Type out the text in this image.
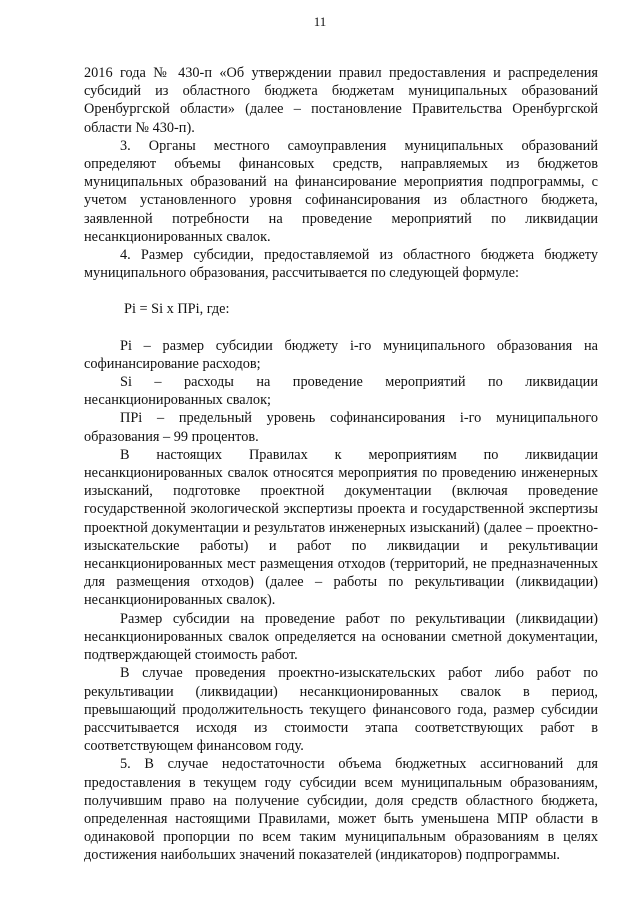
11

2016 года № 430-п «Об утверждении правил предоставления и распределения субсидий из областного бюджета бюджетам муниципальных образований Оренбургской области» (далее – постановление Правительства Оренбургской области № 430-п).

3. Органы местного самоуправления муниципальных образований определяют объемы финансовых средств, направляемых из бюджетов муниципальных образований на финансирование мероприятия подпрограммы, с учетом установленного уровня софинансирования из областного бюджета, заявленной потребности на проведение мероприятий по ликвидации несанкционированных свалок.

4. Размер субсидии, предоставляемой из областного бюджета бюджету муниципального образования, рассчитывается по следующей формуле:

Pi = Si x ПPi, где:

Pi – размер субсидии бюджету i-го муниципального образования на софинансирование расходов;

Si – расходы на проведение мероприятий по ликвидации несанкционированных свалок;

ПPi – предельный уровень софинансирования i-го муниципального образования – 99 процентов.

В настоящих Правилах к мероприятиям по ликвидации несанкционированных свалок относятся мероприятия по проведению инженерных изысканий, подготовке проектной документации (включая проведение государственной экологической экспертизы проекта и государственной экспертизы проектной документации и результатов инженерных изысканий) (далее – проектно-изыскательские работы) и работ по ликвидации и рекультивации несанкционированных мест размещения отходов (территорий, не предназначенных для размещения отходов) (далее – работы по рекультивации (ликвидации) несанкционированных свалок).

Размер субсидии на проведение работ по рекультивации (ликвидации) несанкционированных свалок определяется на основании сметной документации, подтверждающей стоимость работ.

В случае проведения проектно-изыскательских работ либо работ по рекультивации (ликвидации) несанкционированных свалок в период, превышающий продолжительность текущего финансового года, размер субсидии рассчитывается исходя из стоимости этапа соответствующих работ в соответствующем финансовом году.

5. В случае недостаточности объема бюджетных ассигнований для предоставления в текущем году субсидии всем муниципальным образованиям, получившим право на получение субсидии, доля средств областного бюджета, определенная настоящими Правилами, может быть уменьшена МПР области в одинаковой пропорции по всем таким муниципальным образованиям в целях достижения наибольших значений показателей (индикаторов) подпрограммы.
